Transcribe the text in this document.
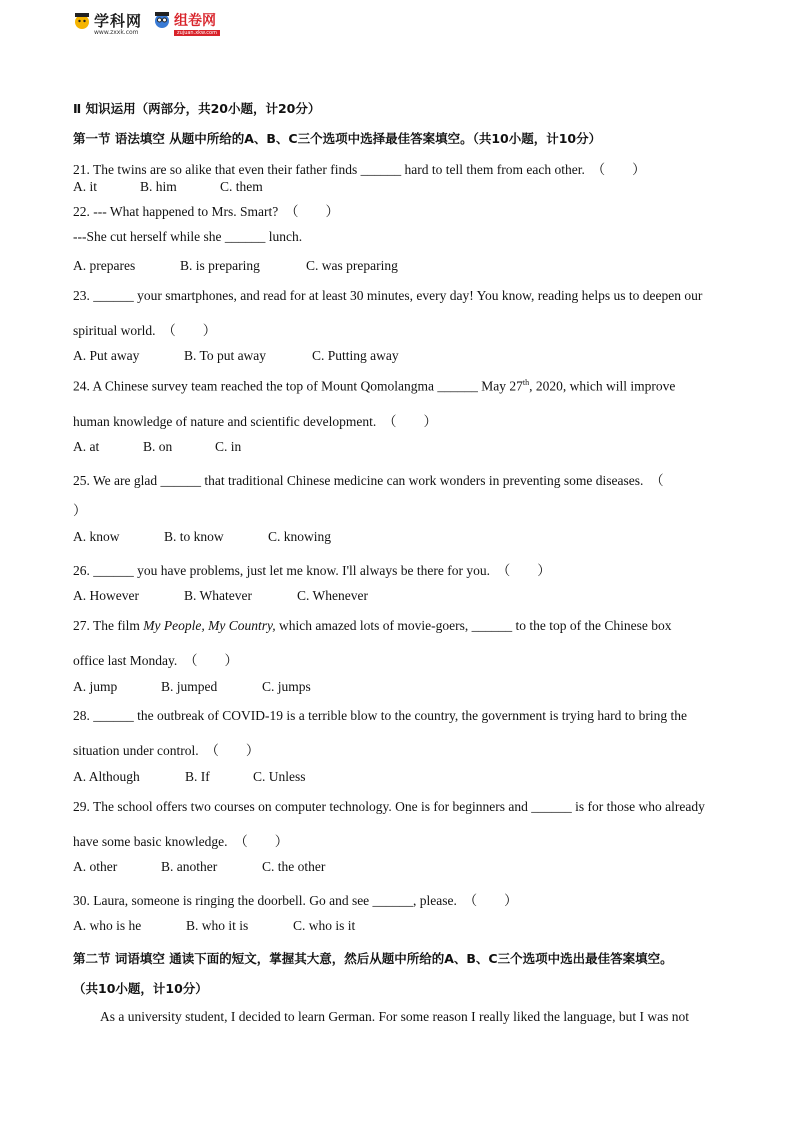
学科网
www.zxxk.com
组卷网
zujuan.xkw.com
Ⅱ 知识运用（两部分，共20小题，计20分）
第一节 语法填空 从题中所给的A、B、C三个选项中选择最佳答案填空。（共10小题，计10分）
21. The twins are so alike that even their father finds ______ hard to tell them from each other.　（　　）
A. it	B. him	C. them
22. --- What happened to Mrs. Smart?　（　　）
---She cut herself while she ______ lunch.
A. prepares	B. is preparing	C. was preparing
23. ______ your smartphones, and read for at least 30 minutes, every day! You know, reading helps us to deepen our
spiritual world.　（　　）
A. Put away	B. To put away	C. Putting away
24. A Chinese survey team reached the top of Mount Qomolangma ______ May 27th, 2020, which will improve
human knowledge of nature and scientific development.　（　　）
A. at	B. on	C. in
25. We are glad ______ that traditional Chinese medicine can work wonders in preventing some diseases.　（
）
A. know	B. to know	C. knowing
26. ______ you have problems, just let me know. I'll always be there for you.　（　　）
A. However	B. Whatever	C. Whenever
27. The film My People, My Country, which amazed lots of movie-goers, ______ to the top of the Chinese box
office last Monday.　（　　）
A. jump	B. jumped	C. jumps
28. ______ the outbreak of COVID-19 is a terrible blow to the country, the government is trying hard to bring the
situation under control.　（　　）
A. Although	B. If	C. Unless
29. The school offers two courses on computer technology. One is for beginners and ______ is for those who already
have some basic knowledge.　（　　）
A. other	B. another	C. the other
30. Laura, someone is ringing the doorbell. Go and see ______, please.　（　　）
A. who is he	B. who it is	C. who is it
第二节 词语填空 通读下面的短文，掌握其大意，然后从题中所给的A、B、C三个选项中选出最佳答案填空。
（共10小题，计10分）
As a university student, I decided to learn German. For some reason I really liked the language, but I was not
